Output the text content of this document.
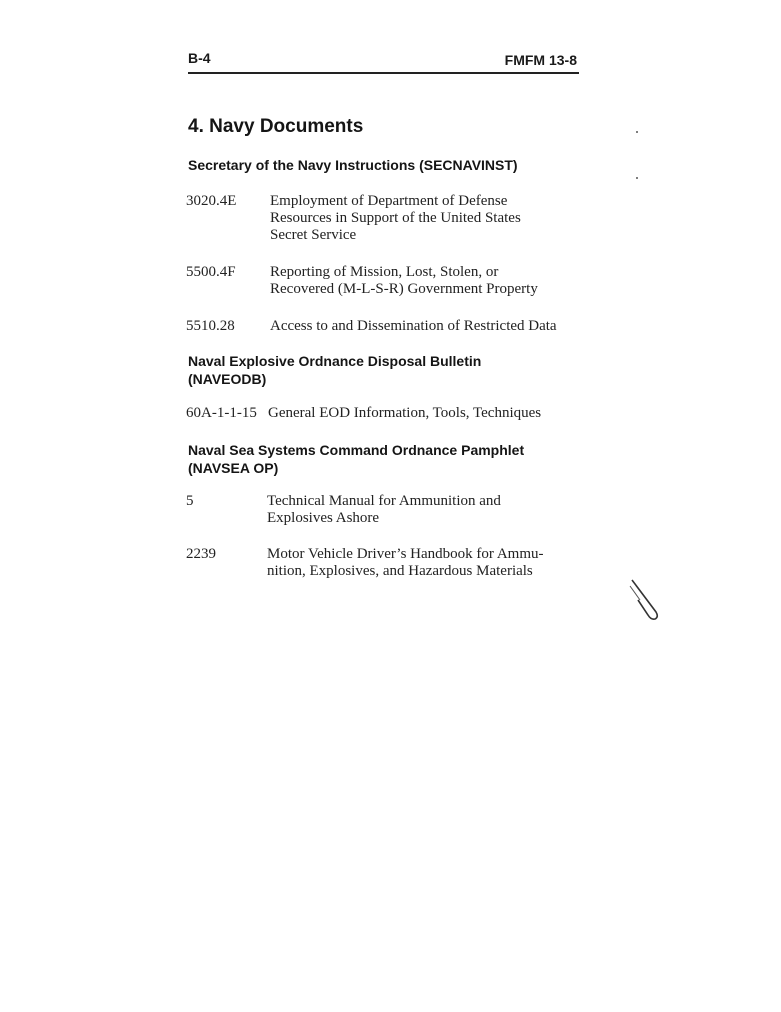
B-4	FMFM 13-8
4. Navy Documents
Secretary of the Navy Instructions (SECNAVINST)
3020.4E Employment of Department of Defense
Resources in Support of the United States
Secret Service
5500.4F Reporting of Mission, Lost, Stolen, or
Recovered (M-L-S-R) Government Property
5510.28 Access to and Dissemination of Restricted Data
Naval Explosive Ordnance Disposal Bulletin
(NAVEODB)
60A-1-1-15 General EOD Information, Tools, Techniques
Naval Sea Systems Command Ordnance Pamphlet
(NAVSEA OP)
5	Technical Manual for Ammunition and
Explosives Ashore
2239	Motor Vehicle Driver’s Handbook for Ammu-
nition, Explosives, and Hazardous Materials
